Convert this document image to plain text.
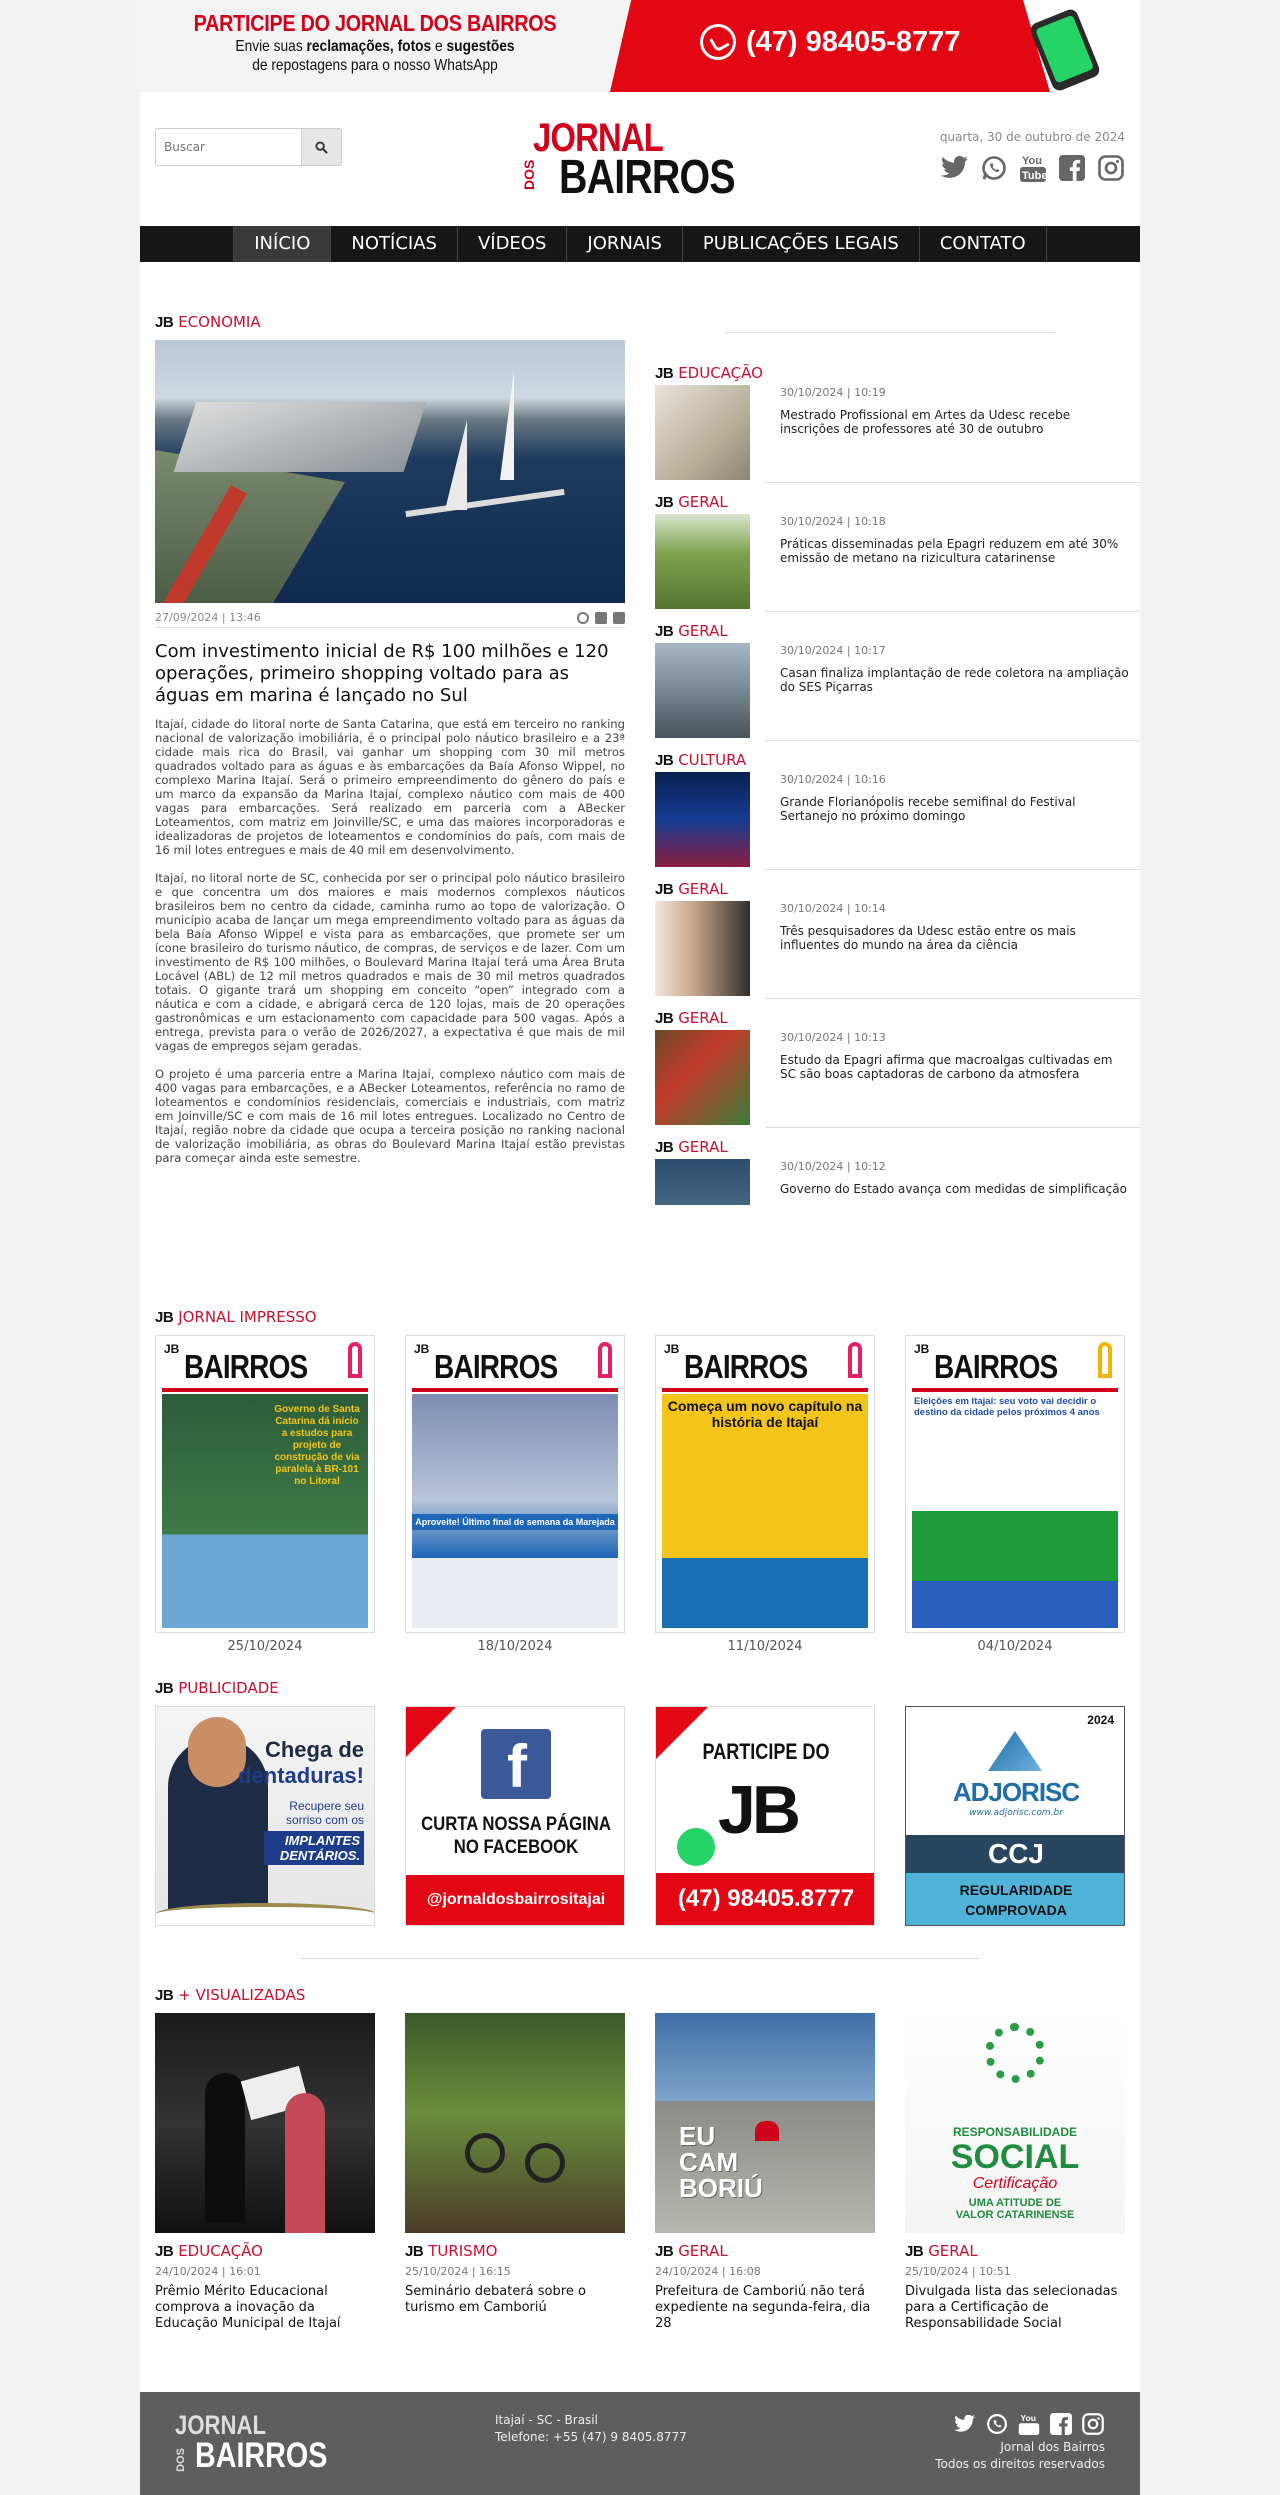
PARTICIPE DO JORNAL DOS BAIRROS
Envie suas reclamações, fotos e sugestões
de repostagens para o nosso WhatsApp
(47) 98405-8777
Buscar
JORNAL
DOS BAIRROS
quarta, 30 de outubro de 2024
You
Tube
INÍCIO	NOTÍCIAS	VÍDEOS	JORNAIS	PUBLICAÇÕES LEGAIS	CONTATO
JB ECONOMIA
27/09/2024 | 13:46
Com investimento inicial de R$ 100 milhões e 120 operações, primeiro shopping voltado para as águas em marina é lançado no Sul

Itajaí, cidade do litoral norte de Santa Catarina, que está em terceiro no ranking nacional de valorização imobiliária, é o principal polo náutico brasileiro e a 23ª cidade mais rica do Brasil, vai ganhar um shopping com 30 mil metros quadrados voltado para as águas e às embarcações da Baía Afonso Wippel, no complexo Marina Itajaí. Será o primeiro empreendimento do gênero do país e um marco da expansão da Marina Itajaí, complexo náutico com mais de 400 vagas para embarcações. Será realizado em parceria com a ABecker Loteamentos, com matriz em Joinville/SC, e uma das maiores incorporadoras e idealizadoras de projetos de loteamentos e condomínios do país, com mais de 16 mil lotes entregues e mais de 40 mil em desenvolvimento.

Itajaí, no litoral norte de SC, conhecida por ser o principal polo náutico brasileiro e que concentra um dos maiores e mais modernos complexos náuticos brasileiros bem no centro da cidade, caminha rumo ao topo de valorização. O município acaba de lançar um mega empreendimento voltado para as águas da bela Baía Afonso Wippel e vista para as embarcações, que promete ser um ícone brasileiro do turismo náutico, de compras, de serviços e de lazer. Com um investimento de R$ 100 milhões, o Boulevard Marina Itajaí terá uma Área Bruta Locável (ABL) de 12 mil metros quadrados e mais de 30 mil metros quadrados totais. O gigante trará um shopping em conceito “open” integrado com a náutica e com a cidade, e abrigará cerca de 120 lojas, mais de 20 operações gastronômicas e um estacionamento com capacidade para 500 vagas. Após a entrega, prevista para o verão de 2026/2027, a expectativa é que mais de mil vagas de empregos sejam geradas.

O projeto é uma parceria entre a Marina Itajaí, complexo náutico com mais de 400 vagas para embarcações, e a ABecker Loteamentos, referência no ramo de loteamentos e condomínios residenciais, comerciais e industriais, com matriz em Joinville/SC e com mais de 16 mil lotes entregues. Localizado no Centro de Itajaí, região nobre da cidade que ocupa a terceira posição no ranking nacional de valorização imobiliária, as obras do Boulevard Marina Itajaí estão previstas para começar ainda este semestre.

JB EDUCAÇÃO
30/10/2024 | 10:19
Mestrado Profissional em Artes da Udesc recebe inscrições de professores até 30 de outubro
JB GERAL
30/10/2024 | 10:18
Práticas disseminadas pela Epagri reduzem em até 30% emissão de metano na rizicultura catarinense
JB GERAL
30/10/2024 | 10:17
Casan finaliza implantação de rede coletora na ampliação do SES Piçarras
JB CULTURA
30/10/2024 | 10:16
Grande Florianópolis recebe semifinal do Festival Sertanejo no próximo domingo
JB GERAL
30/10/2024 | 10:14
Três pesquisadores da Udesc estão entre os mais influentes do mundo na área da ciência
JB GERAL
30/10/2024 | 10:13
Estudo da Epagri afirma que macroalgas cultivadas em SC são boas captadoras de carbono da atmosfera
JB GERAL
30/10/2024 | 10:12
Governo do Estado avança com medidas de simplificação
JB JORNAL IMPRESSO
JB BAIRROS
Governo de Santa Catarina dá início a estudos para projeto de construção de via paralela à BR-101 no Litoral
25/10/2024
JB BAIRROS
Aproveite! Último final de semana da Marejada
18/10/2024
JB BAIRROS
Começa um novo capítulo na história de Itajaí
11/10/2024
JB BAIRROS
Eleições em Itajaí: seu voto vai decidir o destino da cidade pelos próximos 4 anos
04/10/2024
JB PUBLICIDADE
Chega de
dentaduras!
Recupere seu sorriso com os
IMPLANTES DENTÁRIOS.
f
CURTA NOSSA PÁGINA
NO FACEBOOK
@jornaldosbairrositajai
PARTICIPE DO
JB
(47) 98405.8777
2024
ADJORISC
www.adjorisc.com.br
CCJ
REGULARIDADE
COMPROVADA
JB + VISUALIZADAS
JB EDUCAÇÃO
24/10/2024 | 16:01
Prêmio Mérito Educacional comprova a inovação da Educação Municipal de Itajaí
JB TURISMO
25/10/2024 | 16:15
Seminário debaterá sobre o turismo em Camboriú
EU CAM BORIÚ
JB GERAL
24/10/2024 | 16:08
Prefeitura de Camboriú não terá expediente na segunda-feira, dia 28
RESPONSABILIDADE
SOCIAL
Certificação
UMA ATITUDE DE VALOR CATARINENSE
JB GERAL
25/10/2024 | 10:51
Divulgada lista das selecionadas para a Certificação de Responsabilidade Social
JORNAL
BAIRROS
DOS
Itajaí - SC - Brasil
Telefone: +55 (47) 9 8405.8777
You
Jornal dos Bairros
Todos os direitos reservados
